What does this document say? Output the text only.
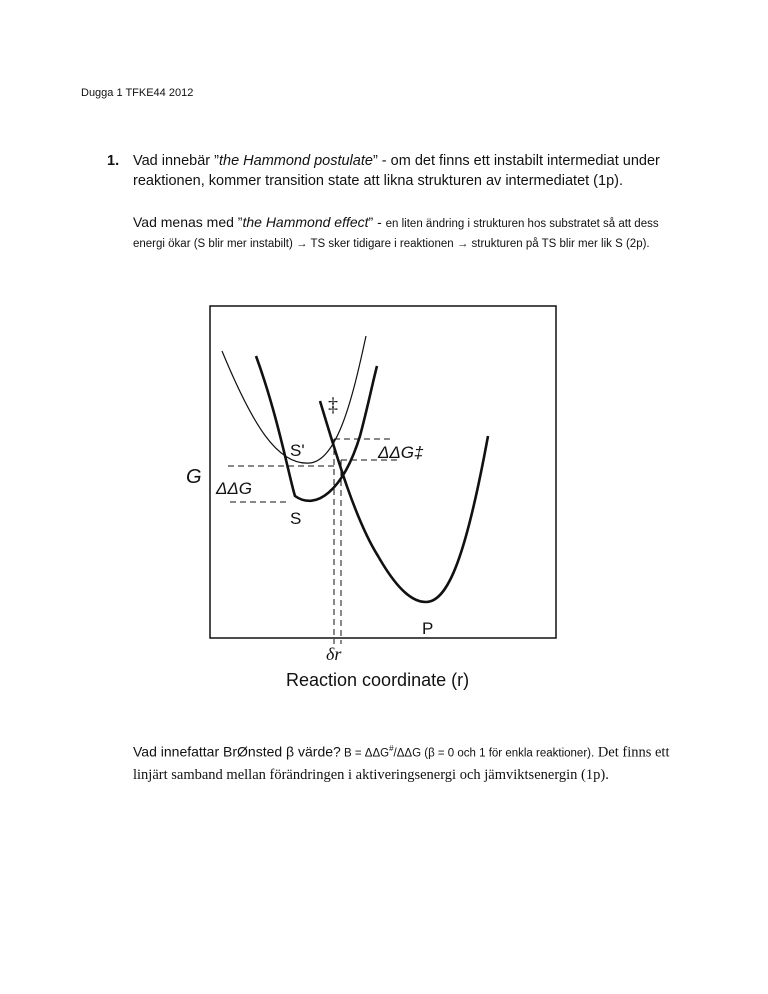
Dugga 1 TFKE44 2012
1. Vad innebär ”the Hammond postulate” - om det finns ett instabilt intermediat under reaktionen, kommer transition state att likna strukturen av intermediatet (1p).
Vad menas med ”the Hammond effect” - en liten ändring i strukturen hos substratet så att dess energi ökar (S blir mer instabilt) → TS sker tidigare i reaktionen → strukturen på TS blir mer lik S (2p).
‡
S'	ΔΔG‡
G
ΔΔG
S
P
δr
Reaction coordinate (r)
Vad innefattar BrØnsted β värde? B = ΔΔG#/ΔΔG (β = 0 och 1 för enkla reaktioner). Det finns ett linjärt samband mellan förändringen i aktiveringsenergi och jämviktsenergin (1p).
